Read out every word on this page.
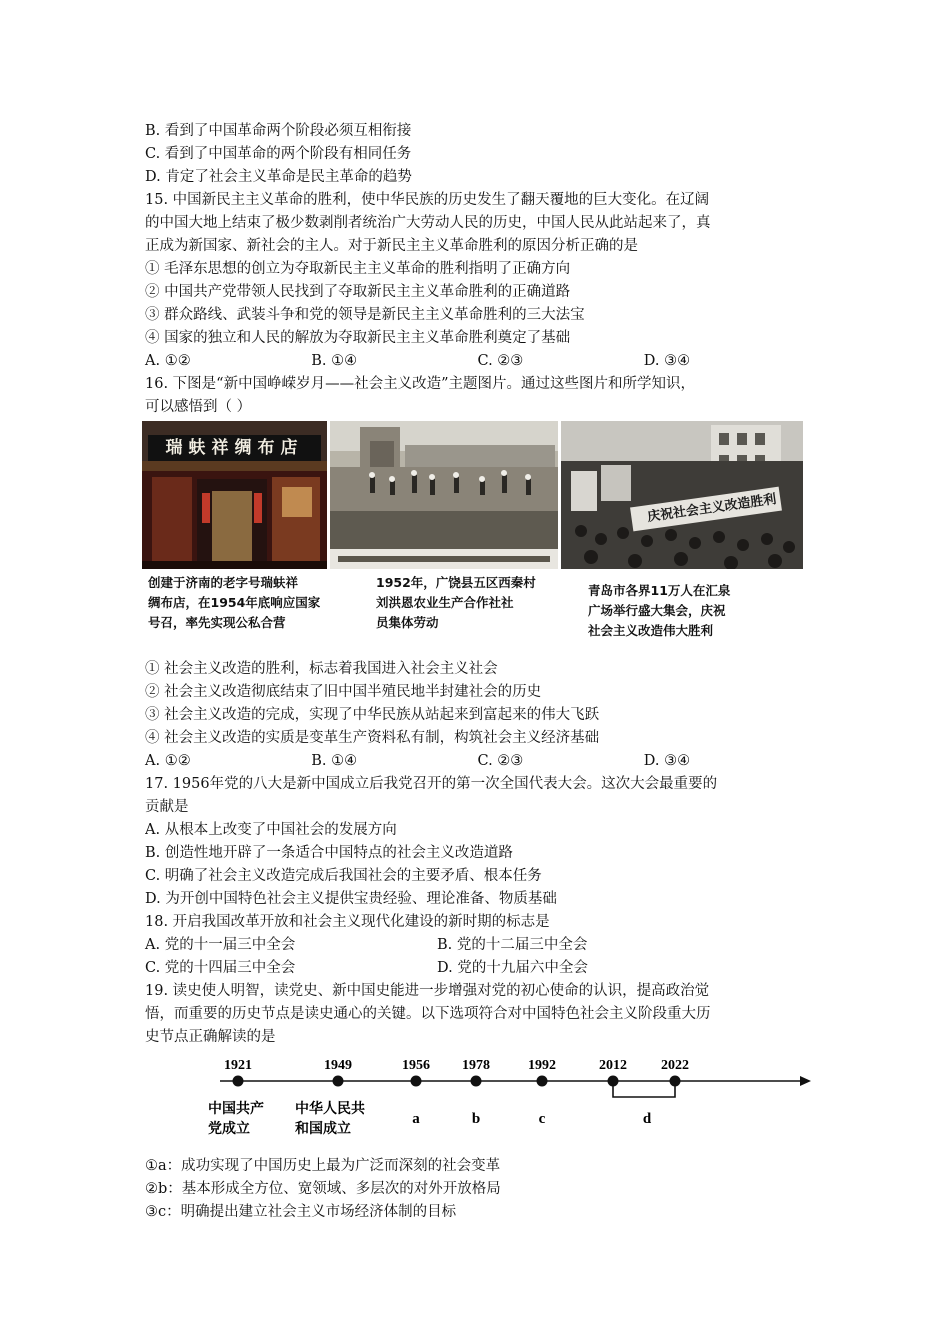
B. 看到了中国革命两个阶段必须互相衔接
C. 看到了中国革命的两个阶段有相同任务
D. 肯定了社会主义革命是民主革命的趋势
15. 中国新民主主义革命的胜利，使中华民族的历史发生了翻天覆地的巨大变化。在辽阔
的中国大地上结束了极少数剥削者统治广大劳动人民的历史，中国人民从此站起来了，真
正成为新国家、新社会的主人。对于新民主主义革命胜利的原因分析正确的是
① 毛泽东思想的创立为夺取新民主主义革命的胜利指明了正确方向
② 中国共产党带领人民找到了夺取新民主主义革命胜利的正确道路
③ 群众路线、武装斗争和党的领导是新民主主义革命胜利的三大法宝
④ 国家的独立和人民的解放为夺取新民主主义革命胜利奠定了基础
A. ①②	B. ①④	C. ②③	D. ③④
16. 下图是“新中国峥嵘岁月——社会主义改造”主题图片。通过这些图片和所学知识，
可以感悟到（ ）
瑞蚨祥绸布店
庆祝社会主义改造胜利
创建于济南的老字号瑞蚨祥
绸布店，在1954年底响应国家
号召，率先实现公私合营
1952年，广饶县五区西秦村
刘洪恩农业生产合作社社
员集体劳动
青岛市各界11万人在汇泉
广场举行盛大集会，庆祝
社会主义改造伟大胜利
① 社会主义改造的胜利，标志着我国进入社会主义社会
② 社会主义改造彻底结束了旧中国半殖民地半封建社会的历史
③ 社会主义改造的完成，实现了中华民族从站起来到富起来的伟大飞跃
④ 社会主义改造的实质是变革生产资料私有制，构筑社会主义经济基础
A. ①②	B. ①④	C. ②③	D. ③④
17. 1956年党的八大是新中国成立后我党召开的第一次全国代表大会。这次大会最重要的
贡献是
A. 从根本上改变了中国社会的发展方向
B. 创造性地开辟了一条适合中国特点的社会主义改造道路
C. 明确了社会主义改造完成后我国社会的主要矛盾、根本任务
D. 为开创中国特色社会主义提供宝贵经验、理论准备、物质基础
18. 开启我国改革开放和社会主义现代化建设的新时期的标志是
A. 党的十一届三中全会	B. 党的十二届三中全会
C. 党的十四届三中全会	D. 党的十九届六中全会
19. 读史使人明智，读党史、新中国史能进一步增强对党的初心使命的认识，提高政治觉
悟，而重要的历史节点是读史通心的关键。以下选项符合对中国特色社会主义阶段重大历
史节点正确解读的是
1921	1949	1956 1978	1992	2012 2022
中国共产
党成立
中华人民共
和国成立
a	b	c	d
①a：成功实现了中国历史上最为广泛而深刻的社会变革
②b：基本形成全方位、宽领域、多层次的对外开放格局
③c：明确提出建立社会主义市场经济体制的目标
